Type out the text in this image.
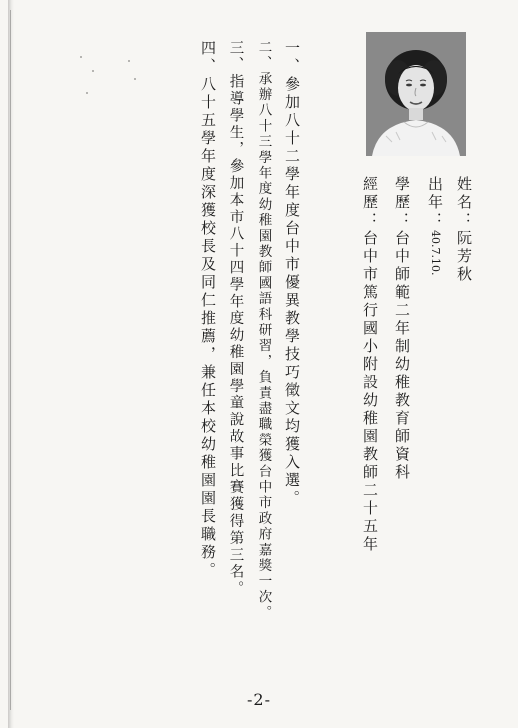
姓名：阮芳秋
出年：40.7.10.
學歷：台中師範二年制幼稚教育師資科
經歷：台中市篤行國小附設幼稚園教師二十五年
一、參加八十二學年度台中市優異教學技巧徵文均獲入選。
二、承辦八十三學年度幼稚園教師國語科研習，負責盡職榮獲台中市政府嘉獎一次。
三、指導學生，參加本市八十四學年度幼稚園學童說故事比賽獲得第三名。
四、八十五學年度深獲校長及同仁推薦，兼任本校幼稚園園長職務。
-2-
